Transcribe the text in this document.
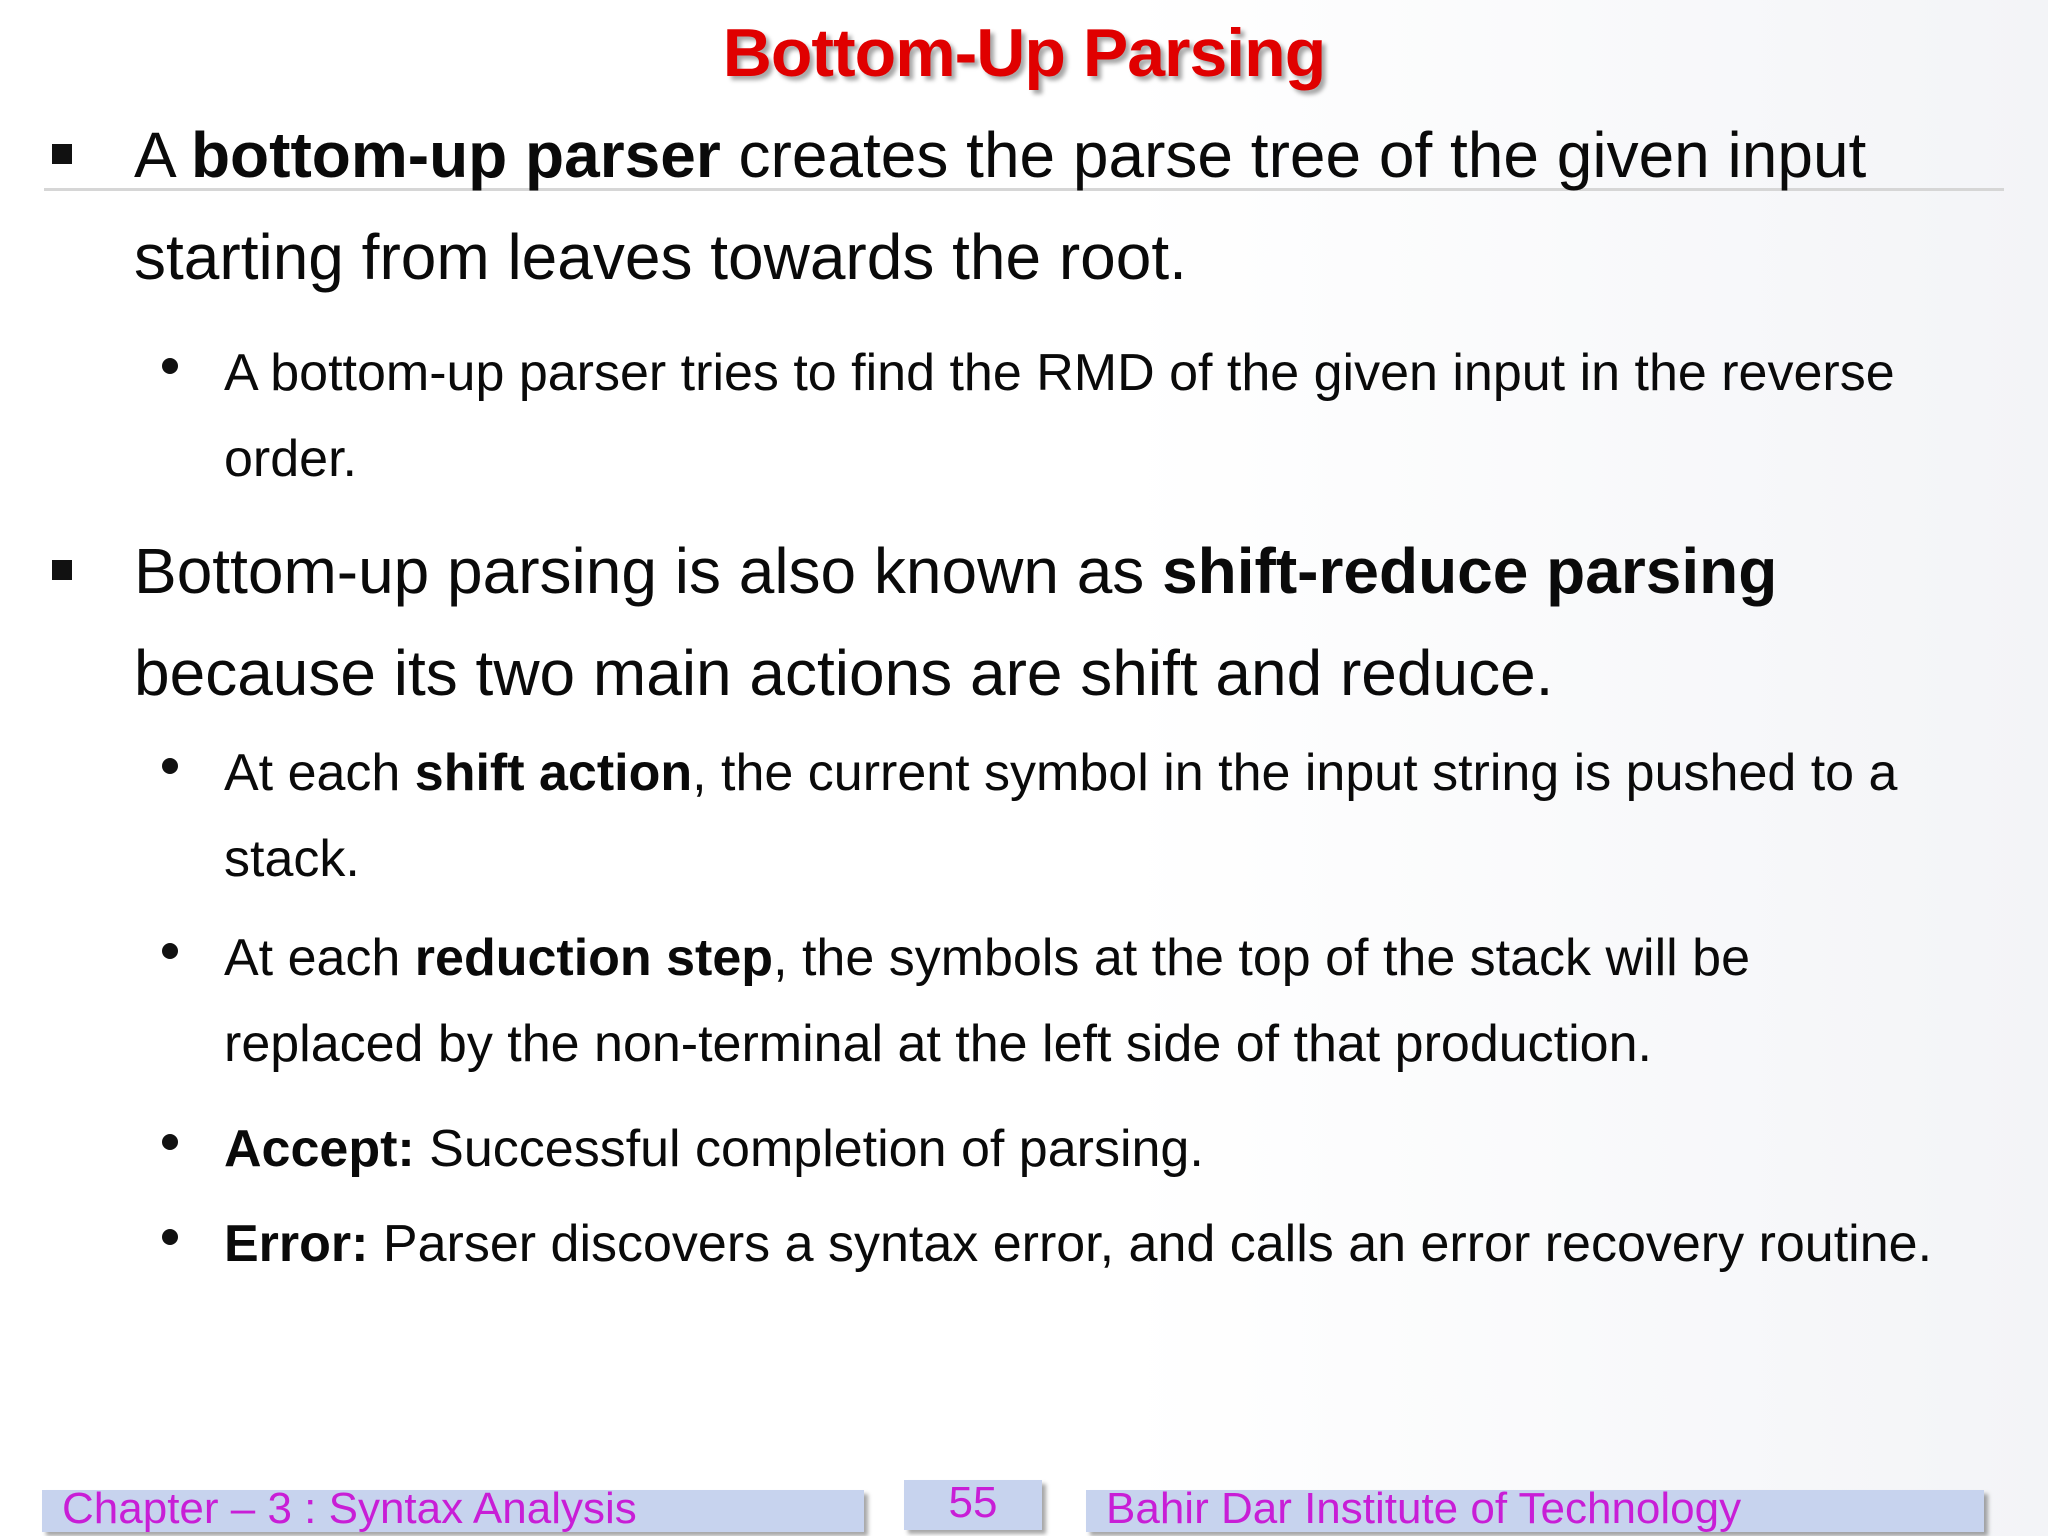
Bottom-Up Parsing
A bottom-up parser creates the parse tree of the given input starting from leaves towards the root.
A bottom-up parser tries to find the RMD of the given input in the reverse order.
Bottom-up parsing is also known as shift-reduce parsing because its two main actions are shift and reduce.
At each shift action, the current symbol in the input string is pushed to a stack.
At each reduction step, the symbols at the top of the stack will be replaced by the non-terminal at the left side of that production.
Accept: Successful completion of parsing.
Error: Parser discovers a syntax error, and calls an error recovery routine.
Chapter – 3 : Syntax Analysis	55	Bahir Dar Institute of Technology
